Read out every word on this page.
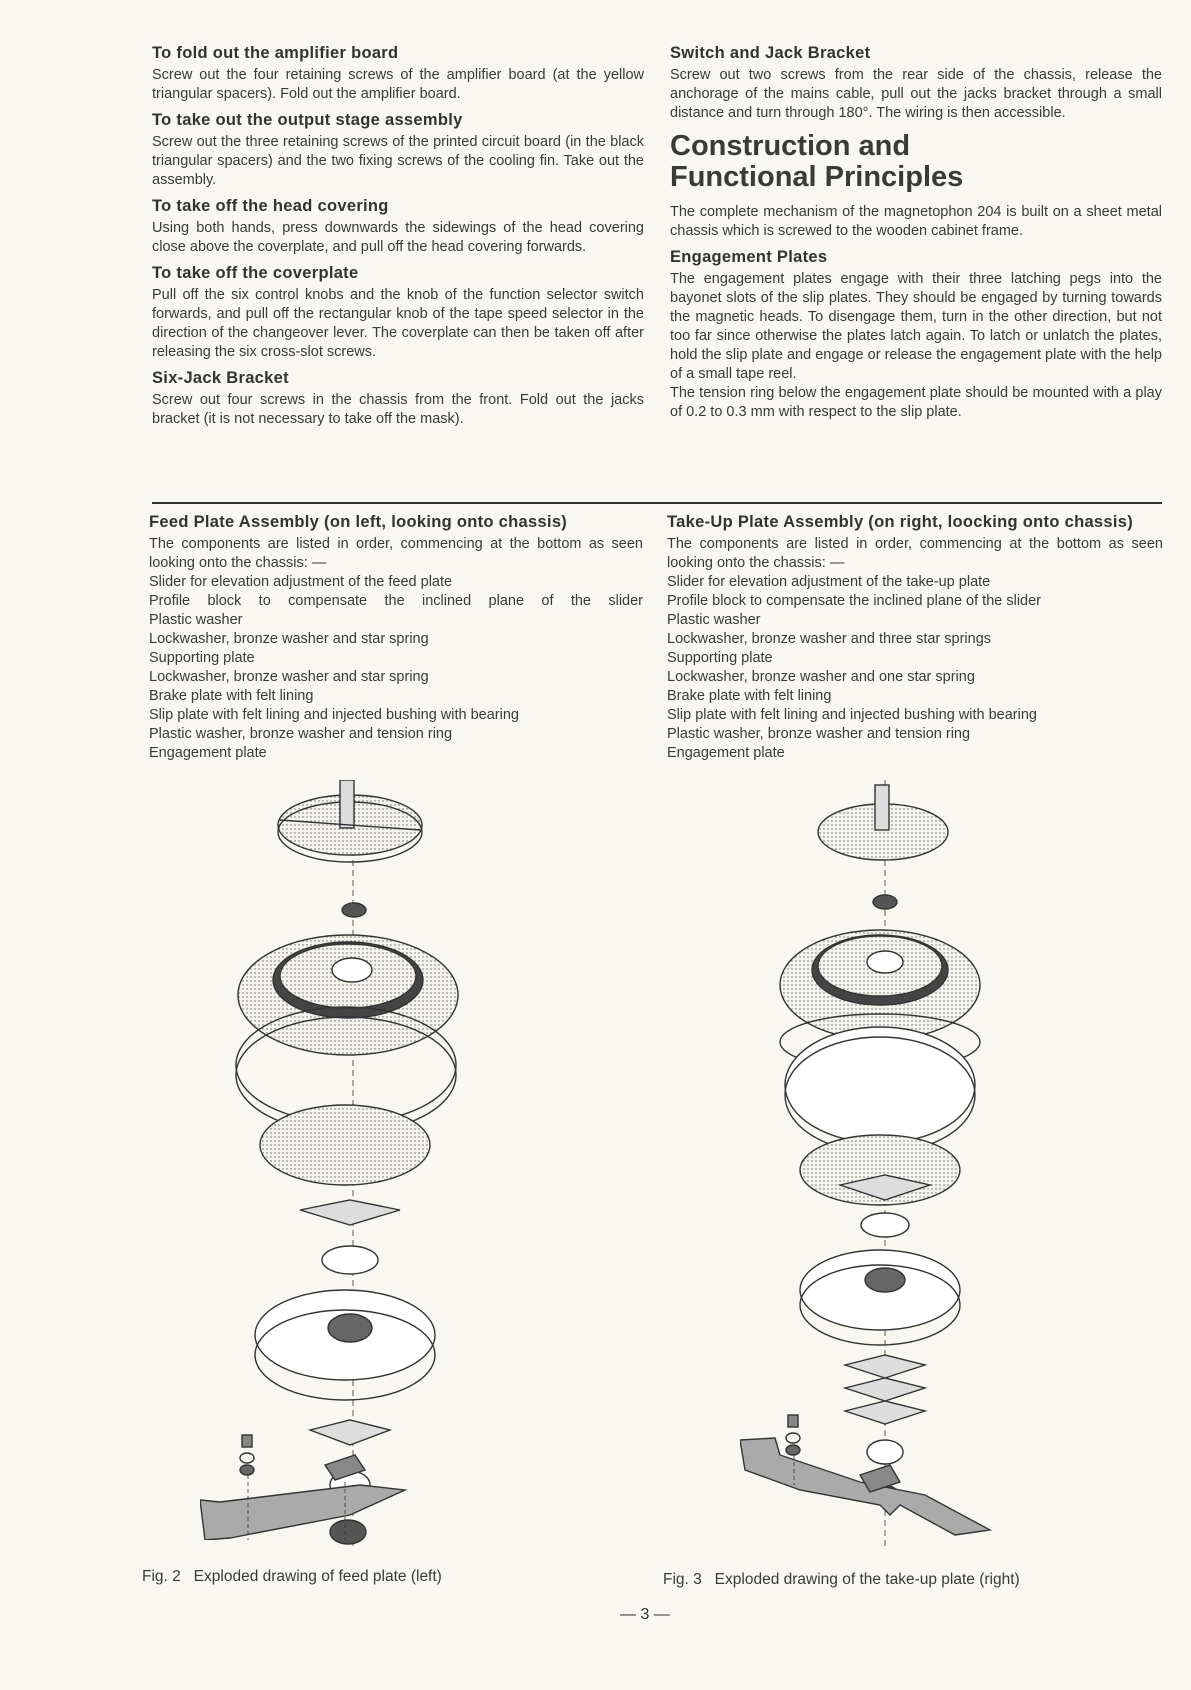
To fold out the amplifier board

Screw out the four retaining screws of the amplifier board (at the yellow triangular spacers). Fold out the amplifier board.

To take out the output stage assembly

Screw out the three retaining screws of the printed circuit board (in the black triangular spacers) and the two fixing screws of the cooling fin. Take out the assembly.

To take off the head covering

Using both hands, press downwards the sidewings of the head covering close above the coverplate, and pull off the head covering forwards.

To take off the coverplate

Pull off the six control knobs and the knob of the function selector switch forwards, and pull off the rectangular knob of the tape speed selector in the direction of the changeover lever. The coverplate can then be taken off after releasing the six cross-slot screws.

Six-Jack Bracket

Screw out four screws in the chassis from the front. Fold out the jacks bracket (it is not necessary to take off the mask).

Switch and Jack Bracket

Screw out two screws from the rear side of the chassis, release the anchorage of the mains cable, pull out the jacks bracket through a small distance and turn through 180°. The wiring is then accessible.

Construction and
Functional Principles

The complete mechanism of the magnetophon 204 is built on a sheet metal chassis which is screwed to the wooden cabinet frame.

Engagement Plates

The engagement plates engage with their three latching pegs into the bayonet slots of the slip plates. They should be engaged by turning towards the magnetic heads. To disengage them, turn in the other direction, but not too far since otherwise the plates latch again. To latch or unlatch the plates, hold the slip plate and engage or release the engagement plate with the help of a small tape reel.

The tension ring below the engagement plate should be mounted with a play of 0.2 to 0.3 mm with respect to the slip plate.

Feed Plate Assembly (on left, looking onto chassis)

The components are listed in order, commencing at the bottom as seen looking onto the chassis: —

Slider for elevation adjustment of the feed plate
Profile block to compensate the inclined plane of the slider
Plastic washer
Lockwasher, bronze washer and star spring
Supporting plate
Lockwasher, bronze washer and star spring
Brake plate with felt lining
Slip plate with felt lining and injected bushing with bearing
Plastic washer, bronze washer and tension ring
Engagement plate
Take-Up Plate Assembly (on right, loocking onto chassis)

The components are listed in order, commencing at the bottom as seen looking onto the chassis: —

Slider for elevation adjustment of the take-up plate
Profile block to compensate the inclined plane of the slider
Plastic washer
Lockwasher, bronze washer and three star springs
Supporting plate
Lockwasher, bronze washer and one star spring
Brake plate with felt lining
Slip plate with felt lining and injected bushing with bearing
Plastic washer, bronze washer and tension ring
Engagement plate
Fig. 2   Exploded drawing of feed plate (left)	Fig. 3   Exploded drawing of the take-up plate (right)
— 3 —
